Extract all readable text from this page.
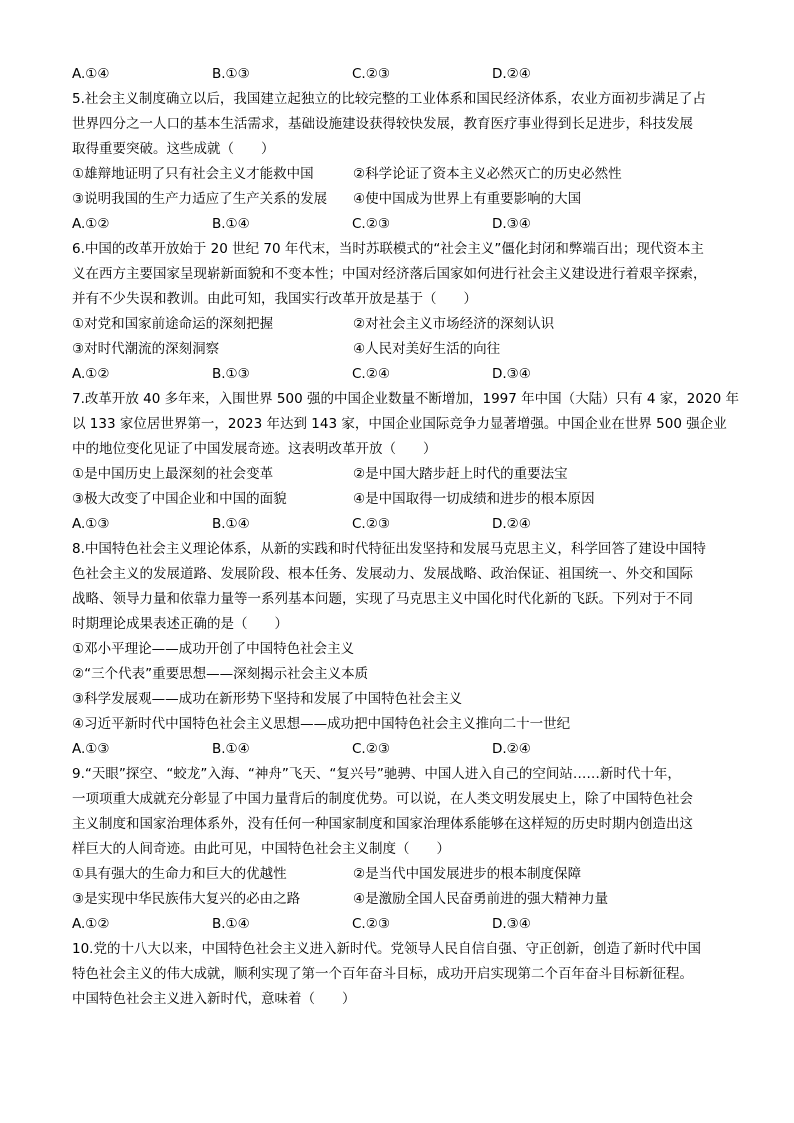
A.①④	B.①③	C.②③	D.②④
5.社会主义制度确立以后，我国建立起独立的比较完整的工业体系和国民经济体系，农业方面初步满足了占
世界四分之一人口的基本生活需求，基础设施建设获得较快发展，教育医疗事业得到长足进步，科技发展
取得重要突破。这些成就（　　）
①雄辩地证明了只有社会主义才能救中国	②科学论证了资本主义必然灭亡的历史必然性
③说明我国的生产力适应了生产关系的发展	④使中国成为世界上有重要影响的大国
A.①②	B.①④	C.②③	D.③④
6.中国的改革开放始于 20 世纪 70 年代末，当时苏联模式的“社会主义”僵化封闭和弊端百出；现代资本主
义在西方主要国家呈现崭新面貌和不变本性；中国对经济落后国家如何进行社会主义建设进行着艰辛探索，
并有不少失误和教训。由此可知，我国实行改革开放是基于（　　）
①对党和国家前途命运的深刻把握	②对社会主义市场经济的深刻认识
③对时代潮流的深刻洞察	④人民对美好生活的向往
A.①②	B.①③	C.②④	D.③④
7.改革开放 40 多年来，入围世界 500 强的中国企业数量不断增加，1997 年中国（大陆）只有 4 家，2020 年
以 133 家位居世界第一，2023 年达到 143 家，中国企业国际竞争力显著增强。中国企业在世界 500 强企业
中的地位变化见证了中国发展奇迹。这表明改革开放（　　）
①是中国历史上最深刻的社会变革	②是中国大踏步赶上时代的重要法宝
③极大改变了中国企业和中国的面貌	④是中国取得一切成绩和进步的根本原因
A.①③	B.①④	C.②③	D.②④
8.中国特色社会主义理论体系，从新的实践和时代特征出发坚持和发展马克思主义，科学回答了建设中国特
色社会主义的发展道路、发展阶段、根本任务、发展动力、发展战略、政治保证、祖国统一、外交和国际
战略、领导力量和依靠力量等一系列基本问题，实现了马克思主义中国化时代化新的飞跃。下列对于不同
时期理论成果表述正确的是（　　）
①邓小平理论——成功开创了中国特色社会主义
②“三个代表”重要思想——深刻揭示社会主义本质
③科学发展观——成功在新形势下坚持和发展了中国特色社会主义
④习近平新时代中国特色社会主义思想——成功把中国特色社会主义推向二十一世纪
A.①③	B.①④	C.②③	D.②④
9.“天眼”探空、“蛟龙”入海、“神舟”飞天、“复兴号”驰骋、中国人进入自己的空间站……新时代十年，
一项项重大成就充分彰显了中国力量背后的制度优势。可以说，在人类文明发展史上，除了中国特色社会
主义制度和国家治理体系外，没有任何一种国家制度和国家治理体系能够在这样短的历史时期内创造出这
样巨大的人间奇迹。由此可见，中国特色社会主义制度（　　）
①具有强大的生命力和巨大的优越性	②是当代中国发展进步的根本制度保障
③是实现中华民族伟大复兴的必由之路	④是激励全国人民奋勇前进的强大精神力量
A.①②	B.①④	C.②③	D.③④
10.党的十八大以来，中国特色社会主义进入新时代。党领导人民自信自强、守正创新，创造了新时代中国
特色社会主义的伟大成就，顺利实现了第一个百年奋斗目标，成功开启实现第二个百年奋斗目标新征程。
中国特色社会主义进入新时代，意味着（　　）
